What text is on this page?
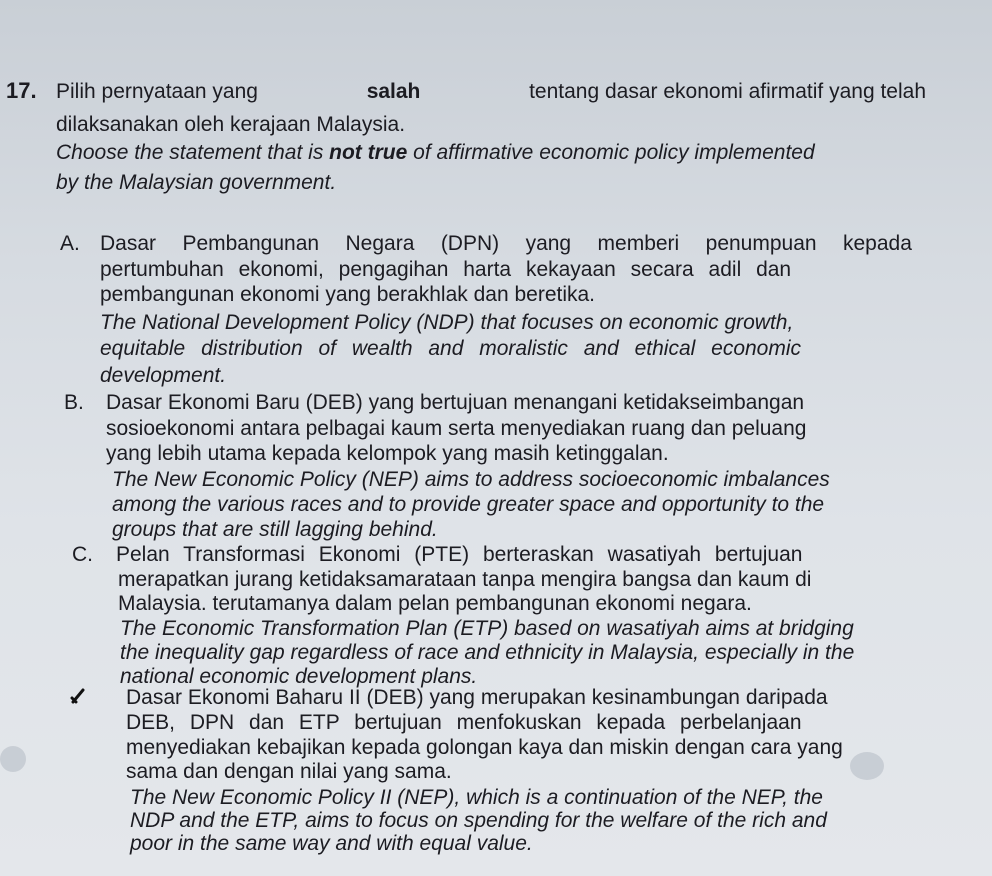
17. Pilih pernyataan yang	salah	tentang dasar ekonomi afirmatif yang telah
dilaksanakan oleh kerajaan Malaysia.
Choose the statement that is not true of affirmative economic policy implemented
by the Malaysian government.
A. Dasar Pembangunan Negara (DPN) yang memberi penumpuan kepada
pertumbuhan ekonomi, pengagihan harta kekayaan secara adil dan
pembangunan ekonomi yang berakhlak dan beretika.
The National Development Policy (NDP) that focuses on economic growth,
equitable distribution of wealth and moralistic and ethical economic
development.
B. Dasar Ekonomi Baru (DEB) yang bertujuan menangani ketidakseimbangan
sosioekonomi antara pelbagai kaum serta menyediakan ruang dan peluang
yang lebih utama kepada kelompok yang masih ketinggalan.
The New Economic Policy (NEP) aims to address socioeconomic imbalances
among the various races and to provide greater space and opportunity to the
groups that are still lagging behind.
C. Pelan Transformasi Ekonomi (PTE) berteraskan wasatiyah bertujuan
merapatkan jurang ketidaksamarataan tanpa mengira bangsa dan kaum di
Malaysia. terutamanya dalam pelan pembangunan ekonomi negara.
The Economic Transformation Plan (ETP) based on wasatiyah aims at bridging
the inequality gap regardless of race and ethnicity in Malaysia, especially in the
national economic development plans.
Dasar Ekonomi Baharu II (DEB) yang merupakan kesinambungan daripada
DEB, DPN dan ETP bertujuan menfokuskan kepada perbelanjaan
menyediakan kebajikan kepada golongan kaya dan miskin dengan cara yang
sama dan dengan nilai yang sama.
The New Economic Policy II (NEP), which is a continuation of the NEP, the
NDP and the ETP, aims to focus on spending for the welfare of the rich and
poor in the same way and with equal value.
